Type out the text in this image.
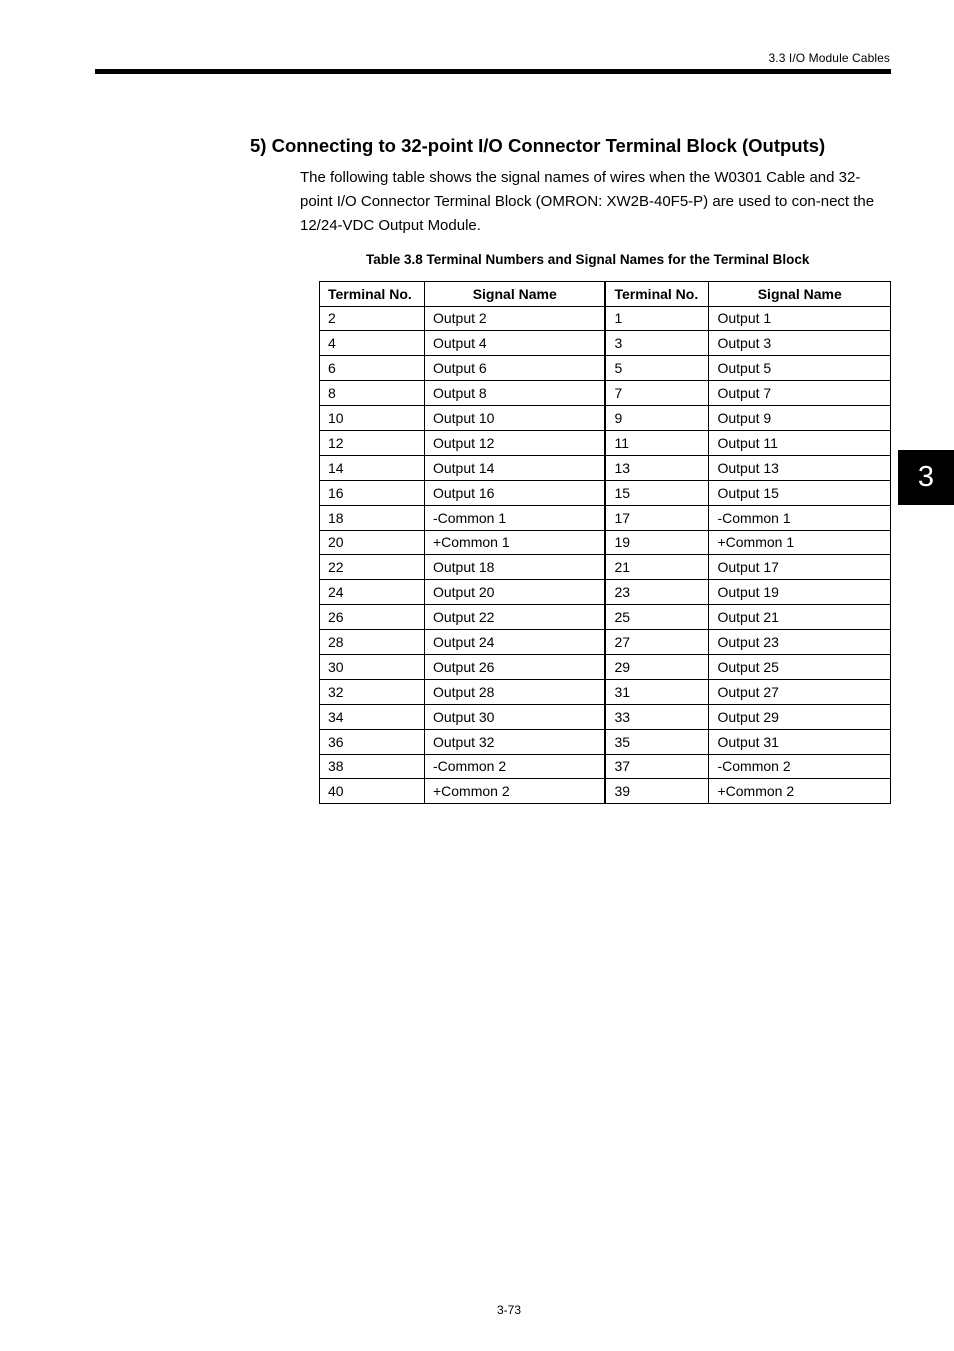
3.3 I/O Module Cables
5) Connecting to 32-point I/O Connector Terminal Block (Outputs)

The following table shows the signal names of wires when the W0301 Cable and 32-point I/O Connector Terminal Block (OMRON: XW2B-40F5-P) are used to con-nect the 12/24-VDC Output Module.

Table 3.8 Terminal Numbers and Signal Names for the Terminal Block

Terminal No.	Signal Name	Terminal No.	Signal Name
2	Output 2	1	Output 1
4	Output 4	3	Output 3
6	Output 6	5	Output 5
8	Output 8	7	Output 7
10	Output 10	9	Output 9
12	Output 12	11	Output 11
14	Output 14	13	Output 13
16	Output 16	15	Output 15
18	-Common 1	17	-Common 1
20	+Common 1	19	+Common 1
22	Output 18	21	Output 17
24	Output 20	23	Output 19
26	Output 22	25	Output 21
28	Output 24	27	Output 23
30	Output 26	29	Output 25
32	Output 28	31	Output 27
34	Output 30	33	Output 29
36	Output 32	35	Output 31
38	-Common 2	37	-Common 2
40	+Common 2	39	+Common 2
3
3-73
